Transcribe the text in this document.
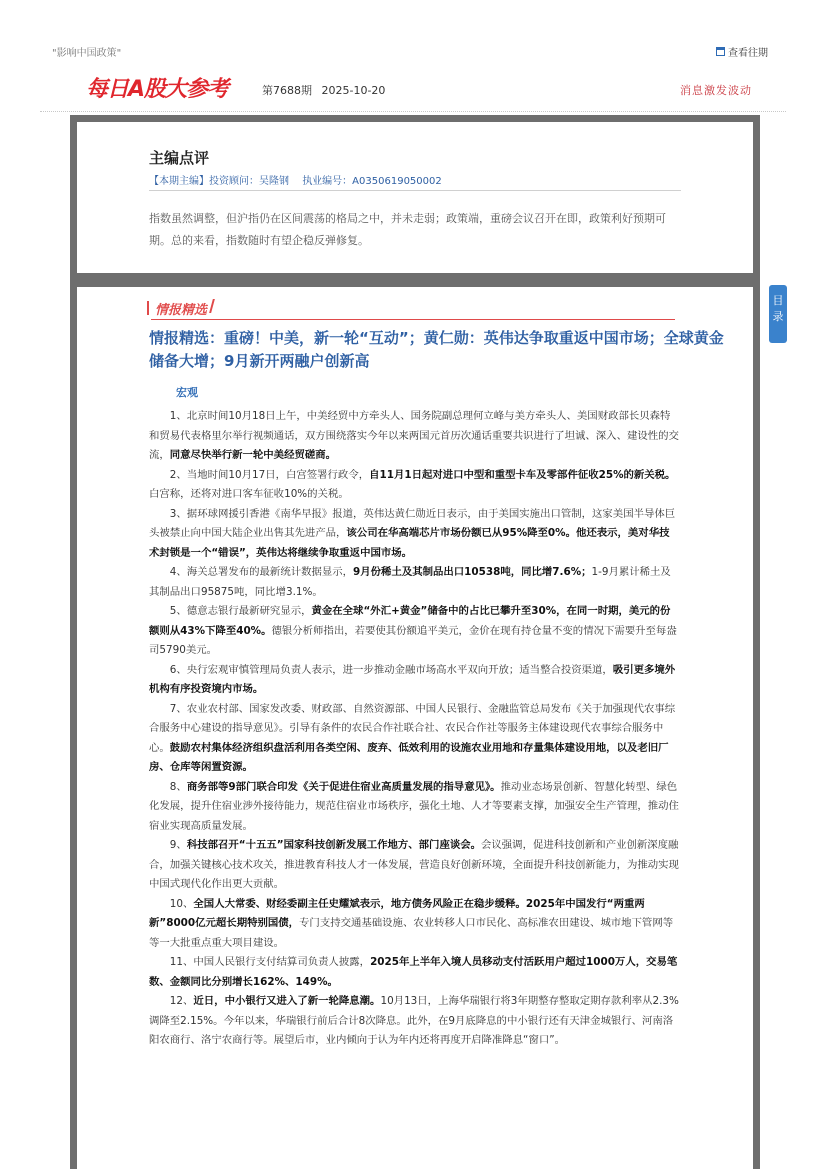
"影响中国政策"	查看往期
每日A股大参考	第7688期 2025-10-20	消息激发波动
主编点评
【本期主编】投资顾问：吴隆钢 执业编号：A0350619050002
指数虽然调整，但沪指仍在区间震荡的格局之中，并未走弱；政策端，重磅会议召开在即，政策利好预期可期。总的来看，指数随时有望企稳反弹修复。
情报精选
情报精选：重磅！中美，新一轮“互动”；黄仁勋：英伟达争取重返中国市场；全球黄金储备大增；9月新开两融户创新高
宏观

1、北京时间10月18日上午，中美经贸中方牵头人、国务院副总理何立峰与美方牵头人、美国财政部长贝森特和贸易代表格里尔举行视频通话，双方围绕落实今年以来两国元首历次通话重要共识进行了坦诚、深入、建设性的交流，同意尽快举行新一轮中美经贸磋商。

2、当地时间10月17日，白宫签署行政令，自11月1日起对进口中型和重型卡车及零部件征收25%的新关税。白宫称，还将对进口客车征收10%的关税。

3、据环球网援引香港《南华早报》报道，英伟达黄仁勋近日表示，由于美国实施出口管制，这家美国半导体巨头被禁止向中国大陆企业出售其先进产品，该公司在华高端芯片市场份额已从95%降至0%。他还表示，美对华技术封锁是一个“错误”，英伟达将继续争取重返中国市场。

4、海关总署发布的最新统计数据显示，9月份稀土及其制品出口10538吨，同比增7.6%；1-9月累计稀土及其制品出口95875吨，同比增3.1%。

5、德意志银行最新研究显示，黄金在全球“外汇+黄金”储备中的占比已攀升至30%，在同一时期，美元的份额则从43%下降至40%。德银分析师指出，若要使其份额追平美元，金价在现有持仓量不变的情况下需要升至每盎司5790美元。

6、央行宏观审慎管理局负责人表示，进一步推动金融市场高水平双向开放；适当整合投资渠道，吸引更多境外机构有序投资境内市场。

7、农业农村部、国家发改委、财政部、自然资源部、中国人民银行、金融监管总局发布《关于加强现代农事综合服务中心建设的指导意见》。引导有条件的农民合作社联合社、农民合作社等服务主体建设现代农事综合服务中心。鼓励农村集体经济组织盘活利用各类空闲、废弃、低效利用的设施农业用地和存量集体建设用地，以及老旧厂房、仓库等闲置资源。

8、商务部等9部门联合印发《关于促进住宿业高质量发展的指导意见》。推动业态场景创新、智慧化转型、绿色化发展，提升住宿业涉外接待能力，规范住宿业市场秩序，强化土地、人才等要素支撑，加强安全生产管理，推动住宿业实现高质量发展。

9、科技部召开“十五五”国家科技创新发展工作地方、部门座谈会。会议强调，促进科技创新和产业创新深度融合，加强关键核心技术攻关，推进教育科技人才一体发展，营造良好创新环境，全面提升科技创新能力，为推动实现中国式现代化作出更大贡献。

10、全国人大常委、财经委副主任史耀斌表示，地方债务风险正在稳步缓释。2025年中国发行“两重两新”8000亿元超长期特别国债，专门支持交通基础设施、农业转移人口市民化、高标准农田建设、城市地下管网等等一大批重点重大项目建设。

11、中国人民银行支付结算司负责人披露，2025年上半年入境人员移动支付活跃用户超过1000万人，交易笔数、金额同比分别增长162%、149%。

12、近日，中小银行又进入了新一轮降息潮。10月13日，上海华瑞银行将3年期整存整取定期存款利率从2.3%调降至2.15%。今年以来，华瑞银行前后合计8次降息。此外，在9月底降息的中小银行还有天津金城银行、河南洛阳农商行、洛宁农商行等。展望后市，业内倾向于认为年内还将再度开启降准降息“窗口”。

目录
